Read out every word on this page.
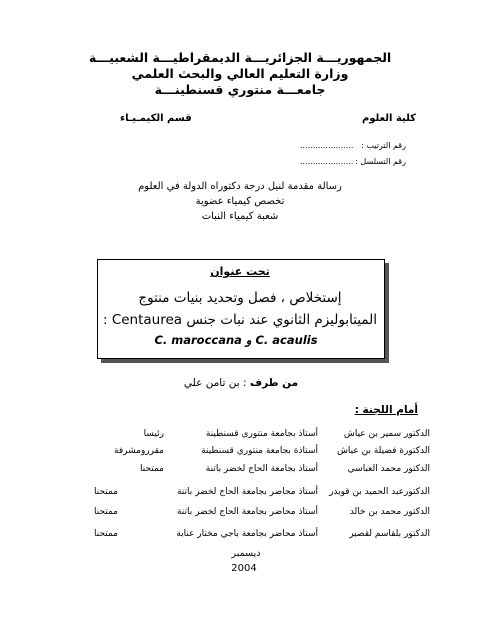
الجمهوريـــة الجزائريـــة الديمقراطيـــة الشعبيـــة
وزارة التعليم العالي والبحث العلمي
جامعـــة منتوري قسنطينـــة
كلية العلوم
قسم الكيمـيـاء
رقم الترتيب :
.....................
رقم التسلسل :
.....................
رسالة مقدمة لنيل درجة دكتوراه الدولة في العلوم
تخصص كيمياء عضوية
شعبة كيمياء النبات
تحت عنوان
إستخلاص ، فصل وتحديد بنيات منتوج
الميتابوليزم الثانوي عند نبات جنس Centaurea :
C. maroccana و C. acaulis
من طرف : بن تامن علي
أمام اللجنة :
الدكتور سمير بن عياش
أستاذ بجامعة منتوري قسنطينة
رئيسا
الدكتورة فضيلة بن عياش
أستاذة بجامعة منتوري قسنطينة
مقررومشرفة
الدكتور محمد العباسي
أستاذ بجامعة الحاج لخضر باتنة
ممتحنا
الدكتورعبد الحميد بن قويدر
أستاذ محاضر بجامعة الحاج لخضر باتنة
ممتحنا
الدكتور محمد بن خالد
أستاذ محاضر بجامعة الحاج لخضر باتنة
ممتحنا
الدكتور بلقاسم لقصير
أستاذ محاضر بجامعة باجي مختار عنابة
ممتحنا
ديسمبر
2004
